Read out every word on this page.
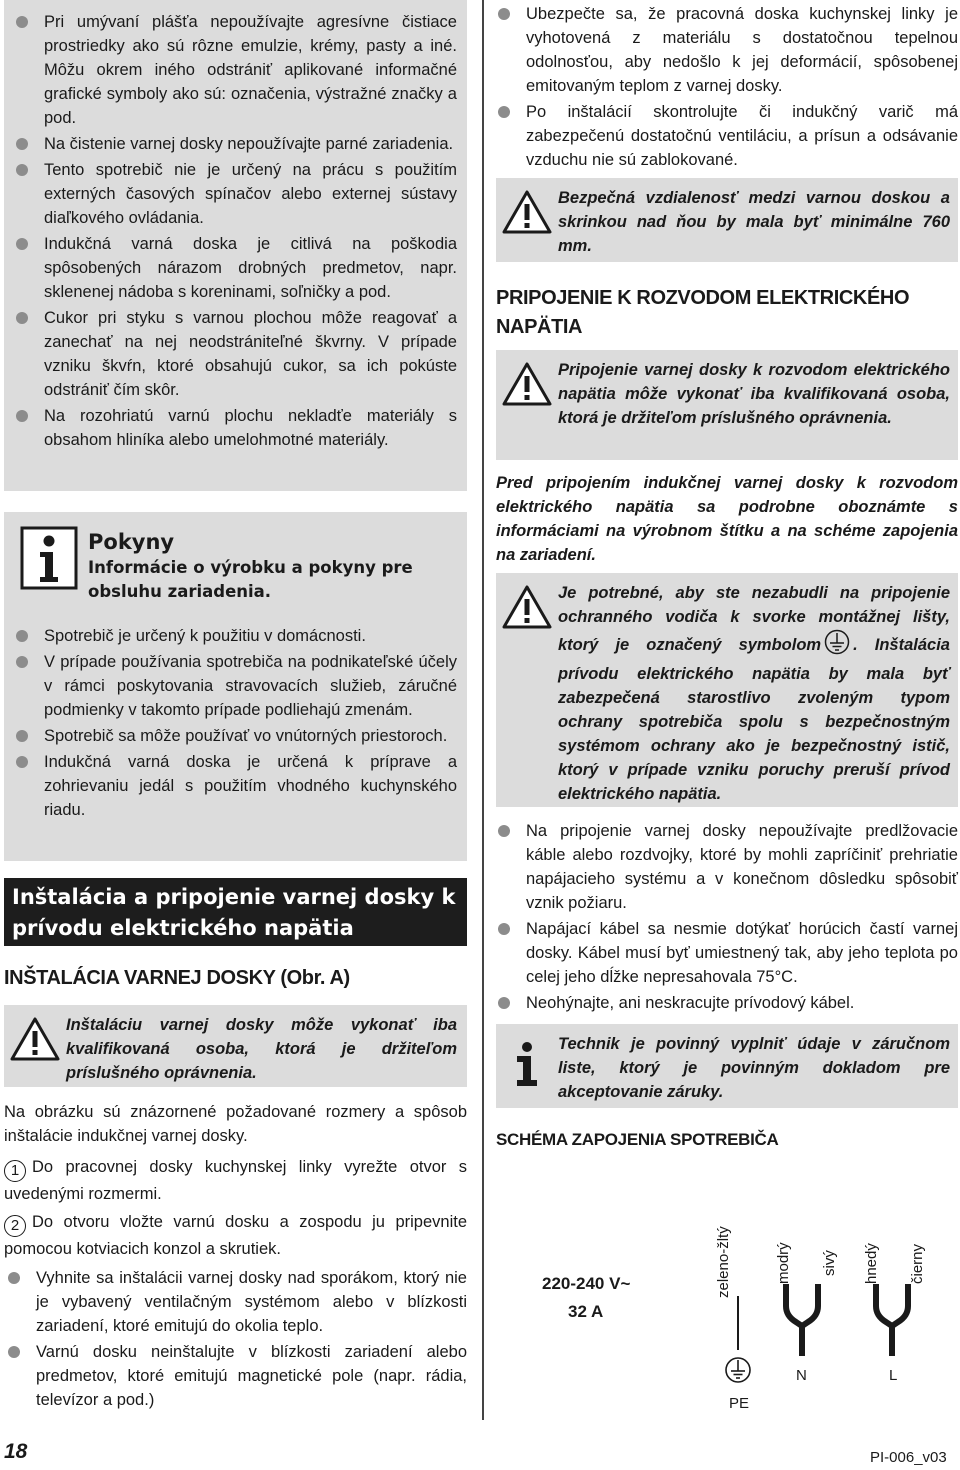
Pri umývaní plášťa nepoužívajte agresívne čistiace prostriedky ako sú rôzne emulzie, krémy, pasty a iné. Môžu okrem iného odstrániť aplikované informačné grafické symboly ako sú: označenia, výstražné značky a pod.
Na čistenie varnej dosky nepoužívajte parné zariadenia.
Tento spotrebič nie je určený na prácu s použitím externých časových spínačov alebo externej sústavy diaľkového ovládania.
Indukčná varná doska je citlivá na poškodia spôsobených nárazom drobných predmetov, napr. sklenenej nádoba s koreninami, soľničky a pod.
Cukor pri styku s varnou plochou môže reagovať a zanechať na nej neodstrániteľné škvrny. V prípade vzniku škvŕn, ktoré obsahujú cukor, sa ich pokúste odstrániť čím skôr.
Na rozohriatú varnú plochu nekladťe materiály s obsahom hliníka alebo umelohmotné materiály.
Pokyny
Informácie o výrobku a pokyny pre obsluhu zariadenia.
Spotrebič je určený k použitiu v domácnosti.
V prípade používania spotrebiča na podnikateľské účely v rámci poskytovania stravovacích služieb, záručné podmienky v takomto prípade podliehajú zmenám.
Spotrebič sa môže používať vo vnútorných priestoroch.
Indukčná varná doska je určená k príprave a zohrievaniu jedál s použitím vhodného kuchynského riadu.
Inštalácia a pripojenie varnej dosky k prívodu elektrického napätia
INŠTALÁCIA VARNEJ DOSKY (Obr. A)
Inštaláciu varnej dosky môže vykonať iba kvalifikovaná osoba, ktorá je držiteľom príslušného oprávnenia.

Na obrázku sú znázornené požadované rozmery a spôsob inštalácie indukčnej varnej dosky.

1 Do pracovnej dosky kuchynskej linky vyrežte otvor s uvedenými rozmermi.

2 Do otvoru vložte varnú dosku a zospodu ju pripevnite pomocou kotviacich konzol a skrutiek.

Vyhnite sa inštalácii varnej dosky nad sporákom, ktorý nie je vybavený ventilačným systémom alebo v blízkosti zariadení, ktoré emitujú do okolia teplo.
Varnú dosku neinštalujte v blízkosti zariadení alebo predmetov, ktoré emitujú magnetické pole (napr. rádia, televízor a pod.)
Ubezpečte sa, že pracovná doska kuchynskej linky je vyhotovená z materiálu s dostatočnou tepelnou odolnosťou, aby nedošlo k jej deformácií, spôsobenej emitovaným teplom z varnej dosky.
Po inštalácií skontrolujte či indukčný varič má zabezpečenú dostatočnú ventiláciu, a prísun a odsávanie vzduchu nie sú zablokované.
Bezpečná vzdialenosť medzi varnou doskou a skrinkou nad ňou by mala byť minimálne 760 mm.
PRIPOJENIE K ROZVODOM ELEKTRICKÉHO NAPÄTIA
Pripojenie varnej dosky k rozvodom elektrického napätia môže vykonať iba kvalifikovaná osoba, ktorá je držiteľom príslušného oprávnenia.

Pred pripojením indukčnej varnej dosky k rozvodom elektrického napätia sa podrobne oboznámte s informáciami na výrobnom štítku a na schéme zapojenia na zariadení.

Je potrebné, aby ste nezabudli na pripojenie ochranného vodiča k svorke montážnej lišty, ktorý je označený symbolom . Inštalácia prívodu elektrického napätia by mala byť zabezpečená starostlivo zvoleným typom ochrany spotrebiča spolu s bezpečnostným systémom ochrany ako je bezpečnostný istič, ktorý v prípade vzniku poruchy preruší prívod elektrického napätia.
Na pripojenie varnej dosky nepoužívajte predlžovacie káble alebo rozdvojky, ktoré by mohli zapríčiniť prehriatie napájacieho systému a v konečnom dôsledku spôsobiť vznik požiaru.
Napájací kábel sa nesmie dotýkať horúcich častí varnej dosky. Kábel musí byť umiestnený tak, aby jeho teplota po celej jeho dĺžke nepresahovala 75°C.
Neohýnajte, ani neskracujte prívodový kábel.
Technik je povinný vyplniť údaje v záručnom liste, ktorý je povinným dokladom pre akceptovanie záruky.
SCHÉMA ZAPOJENIA SPOTREBIČA
220-240 V~
32 A
zeleno-žltý	modrý sivý hnedý čierny
PE
N	L
18	PI-006_v03
